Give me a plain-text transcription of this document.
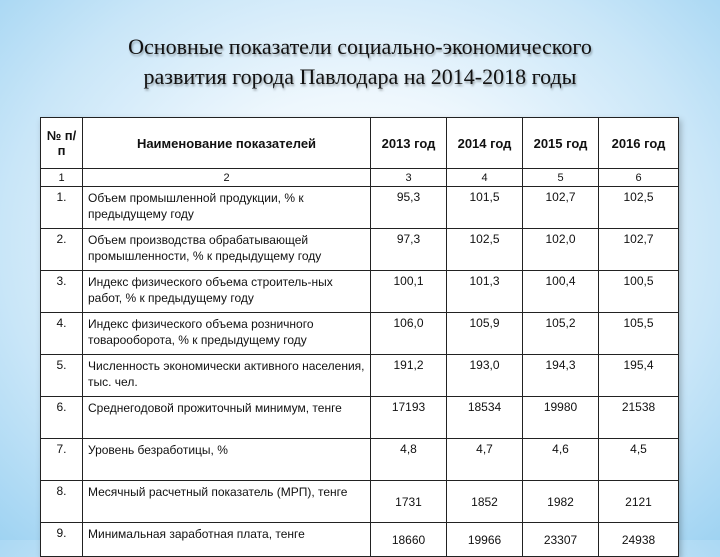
Основные показатели социально-экономического
развития города Павлодара на 2014-2018 годы
№ п/п	Наименование показателей	2013 год	2014 год	2015 год	2016 год
1	2	3	4	5	6
1.	Объем промышленной продукции, % к предыдущему году	95,3	101,5	102,7	102,5
2.	Объем производства обрабатывающей промышленности, % к предыдущему году	97,3	102,5	102,0	102,7
3.	Индекс физического объема строитель-ных работ, % к предыдущему году	100,1	101,3	100,4	100,5
4.	Индекс физического объема розничного товарооборота, % к предыдущему году	106,0	105,9	105,2	105,5
5.	Численность экономически активного населения, тыс. чел.	191,2	193,0	194,3	195,4
6.	Среднегодовой прожиточный минимум, тенге	17193	18534	19980	21538
7.	Уровень безработицы, %	4,8	4,7	4,6	4,5
8.	Месячный расчетный показатель (МРП), тенге	1731	1852	1982	2121
9.	Минимальная заработная плата, тенге	18660	19966	23307	24938
